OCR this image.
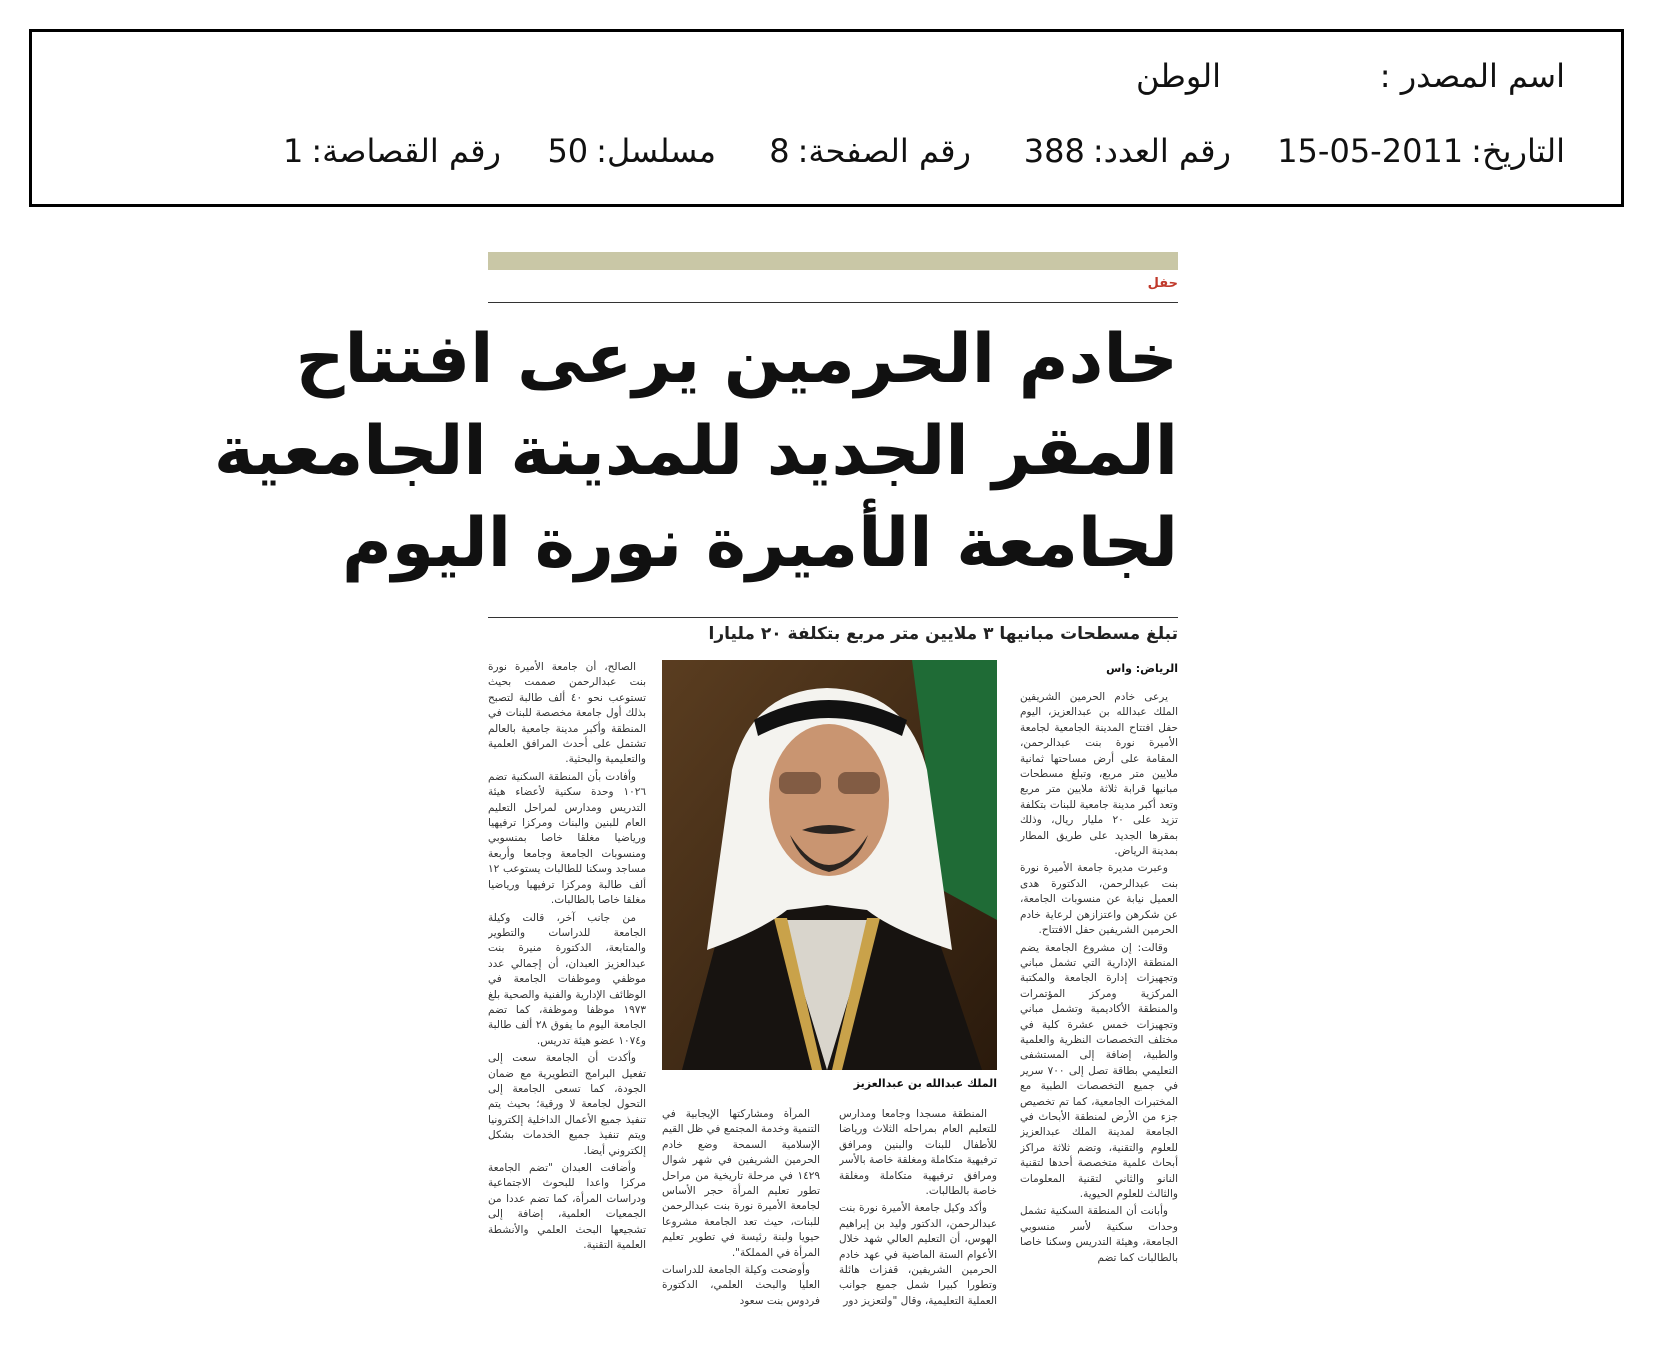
اسم المصدر :
الوطن
التاريخ:2011-05-15
رقم العدد:388
رقم الصفحة:8
مسلسل:50
رقم القصاصة:1
حفل
خادم الحرمين يرعى افتتاح
المقر الجديد للمدينة الجامعية
لجامعة الأميرة نورة اليوم
تبلغ مسطحات مبانيها ٣ ملايين متر مربع بتكلفة ٢٠ مليارا
الرياض: واس

يرعى خادم الحرمين الشريفين الملك عبدالله بن عبدالعزيز، اليوم حفل افتتاح المدينة الجامعية لجامعة الأميرة نورة بنت عبدالرحمن، المقامة على أرض مساحتها ثمانية ملايين متر مربع، وتبلغ مسطحات مبانيها قرابة ثلاثة ملايين متر مربع وتعد أكبر مدينة جامعية للبنات بتكلفة تزيد على ٢٠ مليار ريال، وذلك بمقرها الجديد على طريق المطار بمدينة الرياض.

وعبرت مديرة جامعة الأميرة نورة بنت عبدالرحمن، الدكتورة هدى العميل نيابة عن منسوبات الجامعة، عن شكرهن واعتزازهن لرعاية خادم الحرمين الشريفين حفل الافتتاح.

وقالت: إن مشروع الجامعة يضم المنطقة الإدارية التي تشمل مباني وتجهيزات إدارة الجامعة والمكتبة المركزية ومركز المؤتمرات والمنطقة الأكاديمية وتشمل مباني وتجهيزات خمس عشرة كلية في مختلف التخصصات النظرية والعلمية والطبية، إضافة إلى المستشفى التعليمي بطاقة تصل إلى ٧٠٠ سرير في جميع التخصصات الطبية مع المختبرات الجامعية، كما تم تخصيص جزء من الأرض لمنطقة الأبحاث في الجامعة لمدينة الملك عبدالعزيز للعلوم والتقنية، وتضم ثلاثة مراكز أبحاث علمية متخصصة أحدها لتقنية النانو والثاني لتقنية المعلومات والثالث للعلوم الحيوية.

وأبانت أن المنطقة السكنية تشمل وحدات سكنية لأسر منسوبي الجامعة، وهيئة التدريس وسكنا خاصا بالطالبات كما تضم

الملك عبدالله بن عبدالعزيز

المنطقة مسجدا وجامعا ومدارس للتعليم العام بمراحله الثلاث ورياضا للأطفال للبنات والبنين ومرافق ترفيهية متكاملة ومغلقة خاصة بالأسر ومرافق ترفيهية متكاملة ومغلقة خاصة بالطالبات.

وأكد وكيل جامعة الأميرة نورة بنت عبدالرحمن، الدكتور وليد بن إبراهيم الهوس، أن التعليم العالي شهد خلال الأعوام الستة الماضية في عهد خادم الحرمين الشريفين، قفزات هائلة وتطورا كبيرا شمل جميع جوانب العملية التعليمية، وقال "ولتعزيز دور

المرأة ومشاركتها الإيجابية في التنمية وخدمة المجتمع في ظل القيم الإسلامية السمحة وضع خادم الحرمين الشريفين في شهر شوال ١٤٢٩ في مرحلة تاريخية من مراحل تطور تعليم المرأة حجر الأساس لجامعة الأميرة نورة بنت عبدالرحمن للبنات، حيث تعد الجامعة مشروعا حيويا ولبنة رئيسة في تطوير تعليم المرأة في المملكة".

وأوضحت وكيلة الجامعة للدراسات العليا والبحث العلمي، الدكتورة فردوس بنت سعود

الصالح، أن جامعة الأميرة نورة بنت عبدالرحمن صممت بحيث تستوعب نحو ٤٠ ألف طالبة لتصبح بذلك أول جامعة مخصصة للبنات في المنطقة وأكبر مدينة جامعية بالعالم تشتمل على أحدث المرافق العلمية والتعليمية والبحثية.

وأفادت بأن المنطقة السكنية تضم ١٠٢٦ وحدة سكنية لأعضاء هيئة التدريس ومدارس لمراحل التعليم العام للبنين والبنات ومركزا ترفيهيا ورياضيا مغلقا خاصا بمنسوبي ومنسوبات الجامعة وجامعا وأربعة مساجد وسكنا للطالبات يستوعب ١٢ ألف طالبة ومركزا ترفيهيا ورياضيا مغلقا خاصا بالطالبات.

من جانب آخر، قالت وكيلة الجامعة للدراسات والتطوير والمتابعة، الدكتورة منيرة بنت عبدالعزيز العبدان، أن إجمالي عدد موظفي وموظفات الجامعة في الوظائف الإدارية والفنية والصحية بلغ ١٩٧٣ موظفا وموظفة، كما تضم الجامعة اليوم ما يفوق ٢٨ ألف طالبة و١٠٧٤ عضو هيئة تدريس.

وأكدت أن الجامعة سعت إلى تفعيل البرامج التطويرية مع ضمان الجودة، كما تسعى الجامعة إلى التحول لجامعة لا ورقية؛ بحيث يتم تنفيذ جميع الأعمال الداخلية إلكترونيا ويتم تنفيذ جميع الخدمات بشكل إلكتروني أيضا.

وأضافت العبدان "تضم الجامعة مركزا واعدا للبحوث الاجتماعية ودراسات المرأة، كما تضم عددا من الجمعيات العلمية، إضافة إلى تشجيعها البحث العلمي والأنشطة العلمية التقنية.
